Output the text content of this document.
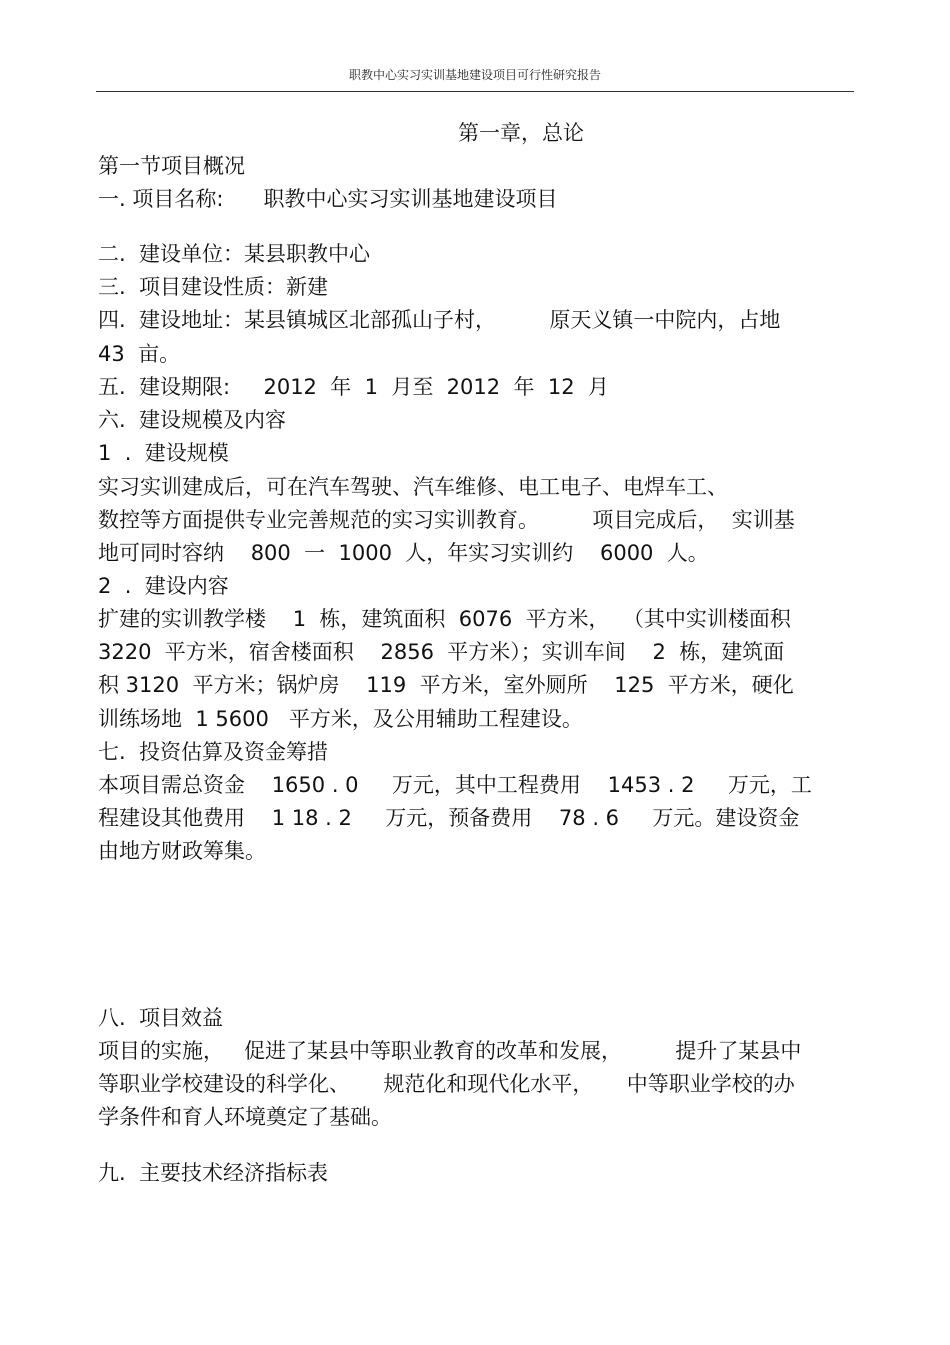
职教中心实习实训基地建设项目可行性研究报告
第一章，总论
第一节项目概况
一. 项目名称:      职教中心实习实训基地建设项目
二.  建设单位：某县职教中心
三.  项目建设性质：新建
四.  建设地址：某县镇城区北部孤山子村，        原天义镇一中院内，占地
43  亩。
五.  建设期限:     2012  年  1  月至  2012  年  12  月
六.  建设规模及内容
1  .  建设规模
实习实训建成后，可在汽车驾驶、汽车维修、电工电子、电焊车工、
数控等方面提供专业完善规范的实习实训教育。        项目完成后，  实训基
地可同时容纳    800  一  1000  人，年实习实训约    6000  人。
2  .  建设内容
扩建的实训教学楼    1  栋，建筑面积  6076  平方米，  （其中实训楼面积
3220  平方米，宿舍楼面积    2856  平方米）；实训车间    2  栋，建筑面
积 3120  平方米；锅炉房    119  平方米，室外厕所    125  平方米，硬化
训练场地  1 5600   平方米，及公用辅助工程建设。
七.  投资估算及资金筹措
本项目需总资金    1650 . 0     万元，其中工程费用    1453 . 2     万元，工
程建设其他费用    1 18 . 2     万元，预备费用    78 . 6     万元。建设资金
由地方财政筹集。
八.  项目效益
项目的实施，   促进了某县中等职业教育的改革和发展，        提升了某县中
等职业学校建设的科学化、     规范化和现代化水平，     中等职业学校的办
学条件和育人环境奠定了基础。
九.  主要技术经济指标表
